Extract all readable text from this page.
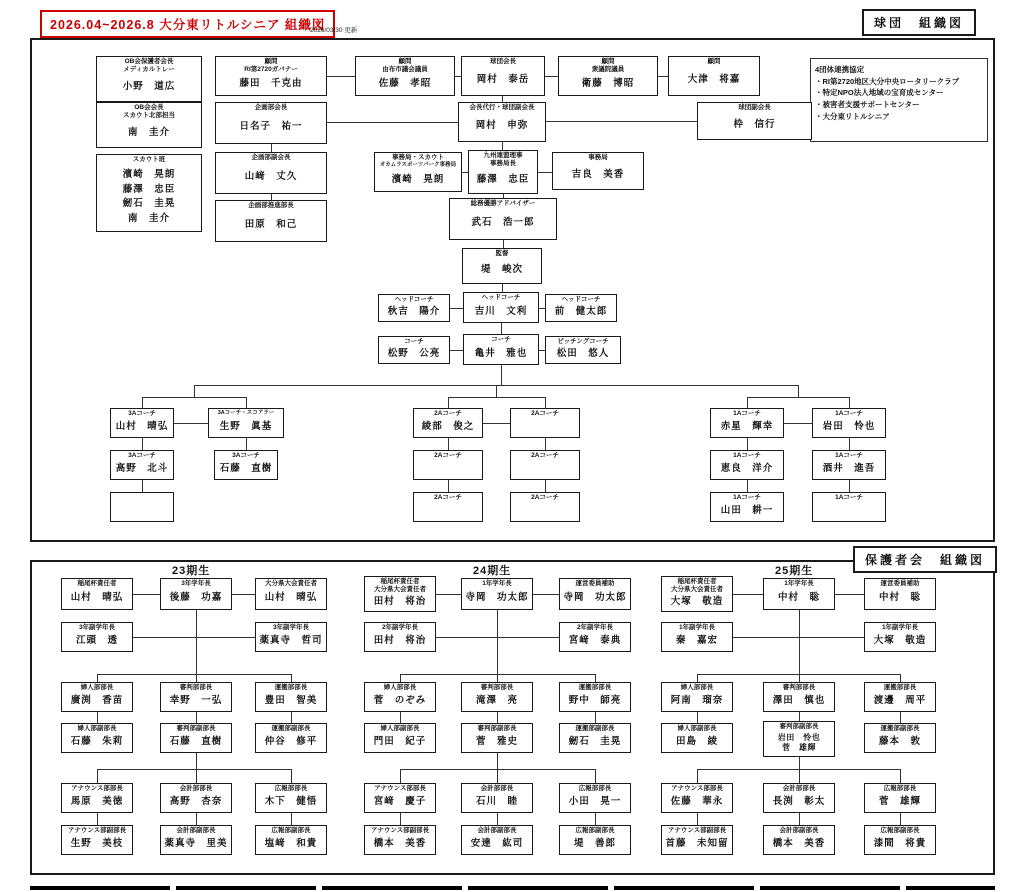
2026.04~2026.8 大分東リトルシニア 組織図
2026/03/30 更新
球団　組織図
保護者会　組織図
4団体連携協定
・RI第2720地区大分中央ロータリークラブ
・特定NPO法人地域の宝育成センター
・被害者支援サポートセンター
・大分東リトルシニア
OB会保護者会長
メディカルトレー
小野　道広
顧問
RI第2720ガバナー
藤田　千克由
顧問
由布市議会議員
佐藤　孝昭
球団会長
岡村　泰岳
顧問
衆議院議員
衛藤　博昭
顧問
大津　将嘉
OB会会長
スカウト北部担当
南　圭介
企画部会長
日名子　祐一
会長代行・球団副会長
岡村　申弥
球団副会長
枠　信行
スカウト班
濱崎　晃朗
藤澤　忠臣
劒石　圭晃
南　圭介
企画部副会長
山﨑　丈久
事務局・スカウト
オカムラスポーツパーク事務局
濱崎　晃朗
九州連盟理事
事務局長
藤澤　忠臣
事務局
吉良　美香
総務優勝アドバイザー
武石　浩一郎
企画部推進部長
田原　和己
監督
堤　峻次
ヘッドコーチ
秋吉　陽介
ヘッドコーチ
吉川　文利
ヘッドコーチ
前　健太郎
コーチ
松野　公亮
コーチ
亀井　雅也
ピッチングコーチ
松田　悠人
3Aコーチ
山村　晴弘
3Aコーチ・スコアラー
生野　眞基
3Aコーチ
高野　北斗
3Aコーチ
石藤　直樹
2Aコーチ
綾部　俊之
2Aコーチ
2Aコーチ	2Aコーチ
2Aコーチ	2Aコーチ
1Aコーチ
赤星　輝幸
1Aコーチ
岩田　怜也
1Aコーチ
恵良　洋介
1Aコーチ
酒井　進吾
1Aコーチ
山田　耕一
1Aコーチ
23期生	24期生	25期生
稲尾杯責任者
山村　晴弘
3年学年長
後藤　功嘉
大分県大会責任者
山村　晴弘
3年副学年長
江頭　透
3年副学年長
薬真寺　哲司
婦人部部長
廣渕　香苗
審判部部長
幸野　一弘
運搬部部長
豊田　智美
婦人部副部長
石藤　朱莉
審判部副部長
石藤　直樹
運搬部副部長
仲谷　修平
アナウンス部部長
馬原　美徳
会計部部長
高野　杏奈
広報部部長
木下　健悟
アナウンス部副部長
生野　美枝
会計部副部長
薬真寺　里美
広報部副部長
塩﨑　和貴
稲尾杯責任者
大分県大会責任者
田村　将治
1年学年長
寺岡　功太郎
運営委員補助
寺岡　功太郎
2年副学年長
田村　将治
2年副学年長
宮﨑　泰典
婦人部部長
菅　のぞみ
審判部部長
滝澤　亮
運搬部部長
野中　師亮
婦人部副部長
門田　紀子
審判部副部長
菅　雅史
運搬部副部長
劒石　圭晃
アナウンス部部長
宮﨑　慶子
会計部部長
石川　睦
広報部部長
小田　晃一
アナウンス部副部長
橋本　美香
会計部副部長
安達　紘司
広報部副部長
堤　善郎
稲尾杯責任者
大分県大会責任者
大塚　敬造
1年学年長
中村　聡
運営委員補助
中村　聡
1年副学年長
秦　嘉宏
1年副学年長
大塚　敬造
婦人部部長
阿南　瑠奈
審判部部長
澤田　慎也
運搬部部長
渡邊　周平
婦人部副部長
田島　綾
審判部副部長
岩田　怜也
菅　雄輝
運搬部副部長
藤本　敦
アナウンス部部長
佐藤　華永
会計部部長
長渕　彰太
広報部部長
菅　雄輝
アナウンス部副部長
首藤　未知留
会計部副部長
橋本　美香
広報部副部長
漆間　将貴
